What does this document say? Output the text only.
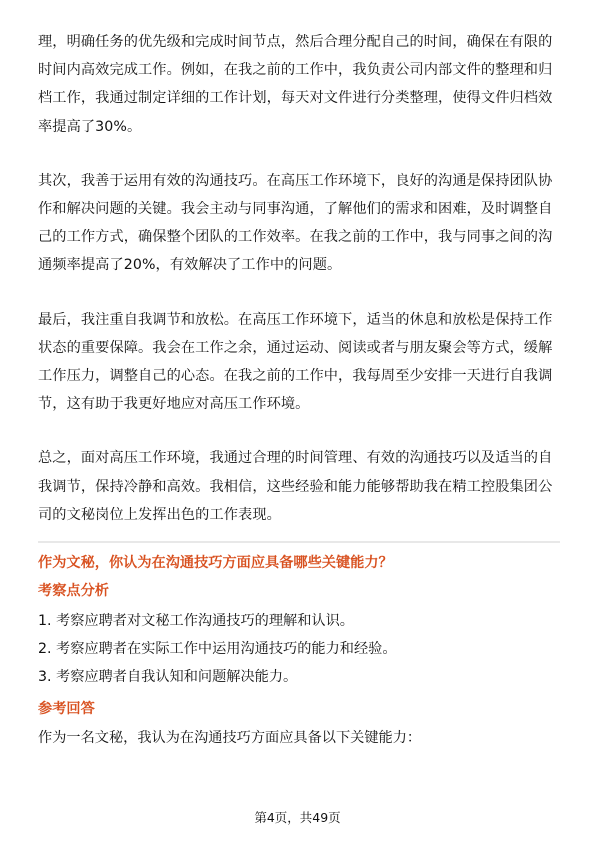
理，明确任务的优先级和完成时间节点，然后合理分配自己的时间，确保在有限的

时间内高效完成工作。例如，在我之前的工作中，我负责公司内部文件的整理和归

档工作，我通过制定详细的工作计划，每天对文件进行分类整理，使得文件归档效

率提高了30%。

其次，我善于运用有效的沟通技巧。在高压工作环境下，良好的沟通是保持团队协

作和解决问题的关键。我会主动与同事沟通，了解他们的需求和困难，及时调整自

己的工作方式，确保整个团队的工作效率。在我之前的工作中，我与同事之间的沟

通频率提高了20%，有效解决了工作中的问题。

最后，我注重自我调节和放松。在高压工作环境下，适当的休息和放松是保持工作

状态的重要保障。我会在工作之余，通过运动、阅读或者与朋友聚会等方式，缓解

工作压力，调整自己的心态。在我之前的工作中，我每周至少安排一天进行自我调

节，这有助于我更好地应对高压工作环境。

总之，面对高压工作环境，我通过合理的时间管理、有效的沟通技巧以及适当的自

我调节，保持冷静和高效。我相信，这些经验和能力能够帮助我在精工控股集团公

司的文秘岗位上发挥出色的工作表现。

作为文秘，你认为在沟通技巧方面应具备哪些关键能力？
考察点分析
1. 考察应聘者对文秘工作沟通技巧的理解和认识。
2. 考察应聘者在实际工作中运用沟通技巧的能力和经验。
3. 考察应聘者自我认知和问题解决能力。
参考回答

作为一名文秘，我认为在沟通技巧方面应具备以下关键能力：

第4页，共49页
